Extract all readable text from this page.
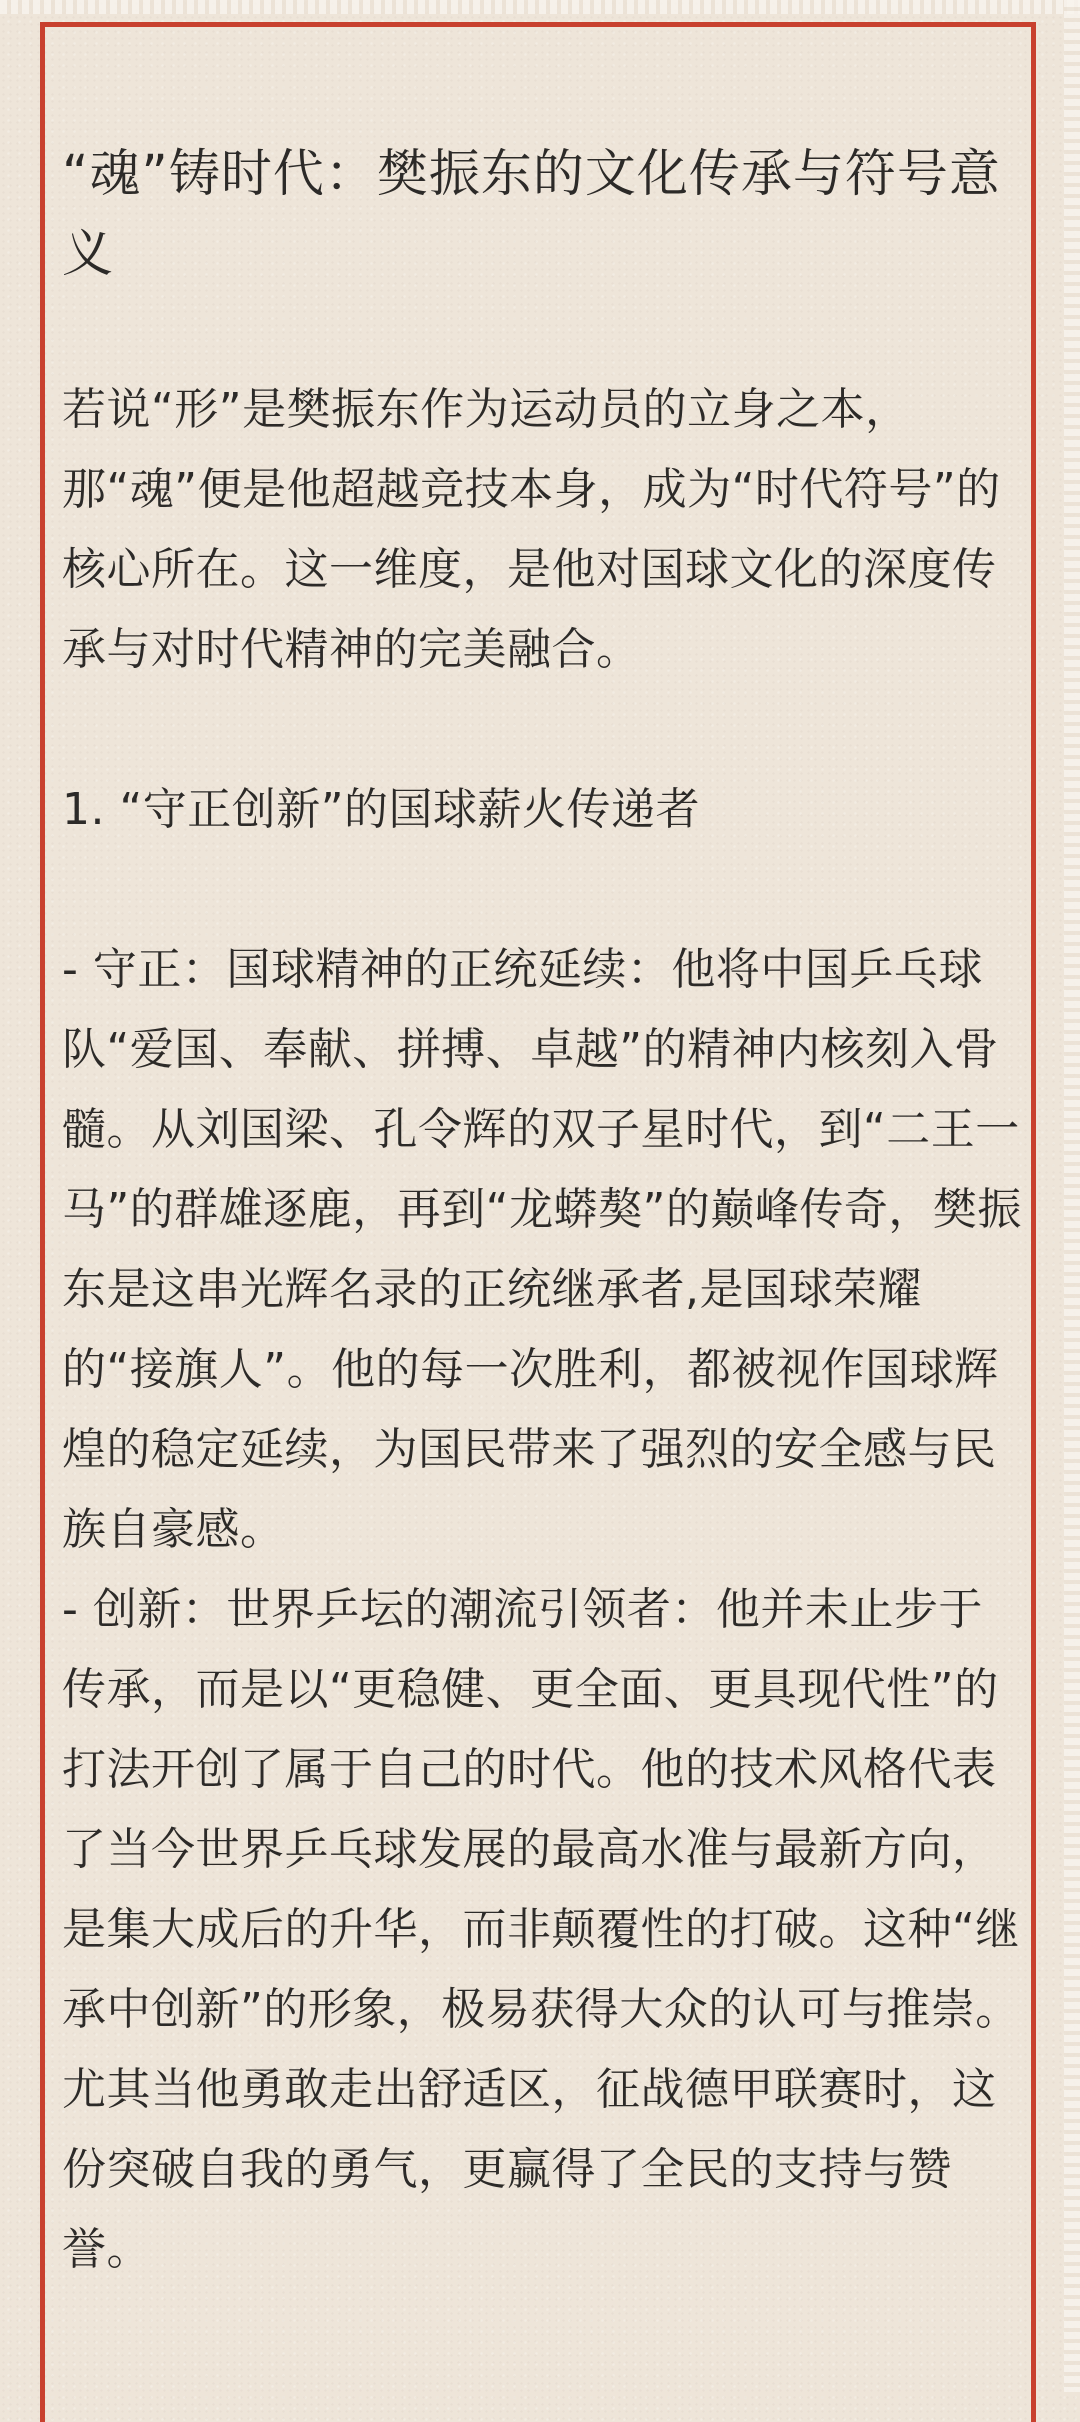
“魂”铸时代：樊振东的文化传承与符号意义

若说“形”是樊振东作为运动员的立身之本，那“魂”便是他超越竞技本身，成为“时代符号”的核心所在。这一维度，是他对国球文化的深度传承与对时代精神的完美融合。

1. “守正创新”的国球薪火传递者

- 守正：国球精神的正统延续：他将中国乒乓球队“爱国、奉献、拼搏、卓越”的精神内核刻入骨髓。从刘国梁、孔令辉的双子星时代，到“二王一马”的群雄逐鹿，再到“龙蟒獒”的巅峰传奇，樊振东是这串光辉名录的正统继承者,是国球荣耀的“接旗人”。他的每一次胜利，都被视作国球辉煌的稳定延续，为国民带来了强烈的安全感与民族自豪感。

- 创新：世界乒坛的潮流引领者：他并未止步于传承，而是以“更稳健、更全面、更具现代性”的打法开创了属于自己的时代。他的技术风格代表了当今世界乒乓球发展的最高水准与最新方向，是集大成后的升华，而非颠覆性的打破。这种“继承中创新”的形象，极易获得大众的认可与推崇。尤其当他勇敢走出舒适区，征战德甲联赛时，这份突破自我的勇气，更赢得了全民的支持与赞誉。
